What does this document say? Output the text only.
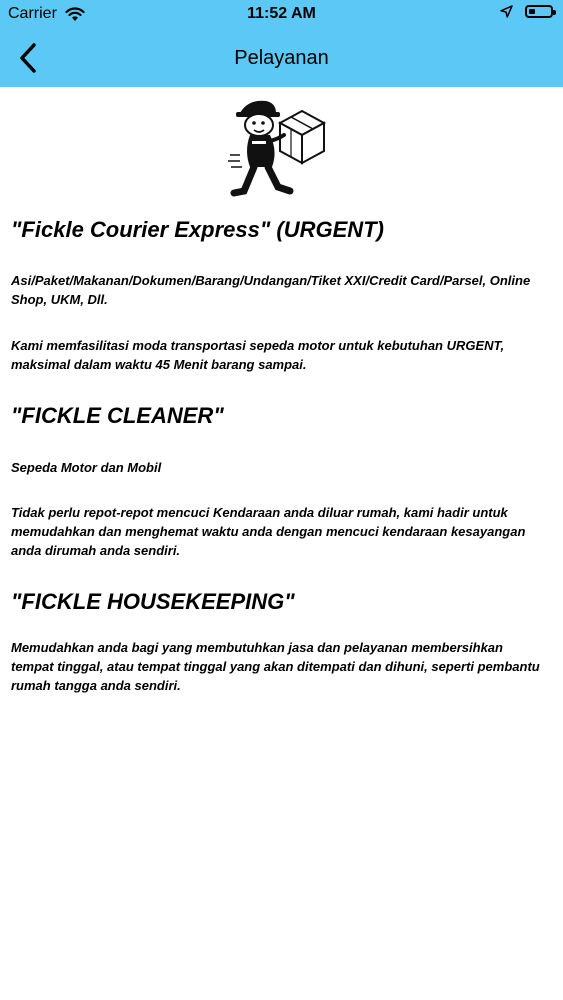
Carrier	11:52 AM
Pelayanan
"Fickle Courier Express" (URGENT)

Asi/Paket/Makanan/Dokumen/Barang/Undangan/Tiket XXI/Credit Card/Parsel, Online Shop, UKM, Dll.

Kami memfasilitasi moda transportasi sepeda motor untuk kebutuhan URGENT, maksimal dalam waktu 45 Menit barang sampai.

"FICKLE CLEANER"

Sepeda Motor dan Mobil

Tidak perlu repot-repot mencuci Kendaraan anda diluar rumah, kami hadir untuk memudahkan dan menghemat waktu anda dengan mencuci kendaraan kesayangan anda dirumah anda sendiri.

"FICKLE HOUSEKEEPING"

Memudahkan anda bagi yang membutuhkan jasa dan pelayanan membersihkan tempat tinggal, atau tempat tinggal yang akan ditempati dan dihuni, seperti pembantu rumah tangga anda sendiri.
